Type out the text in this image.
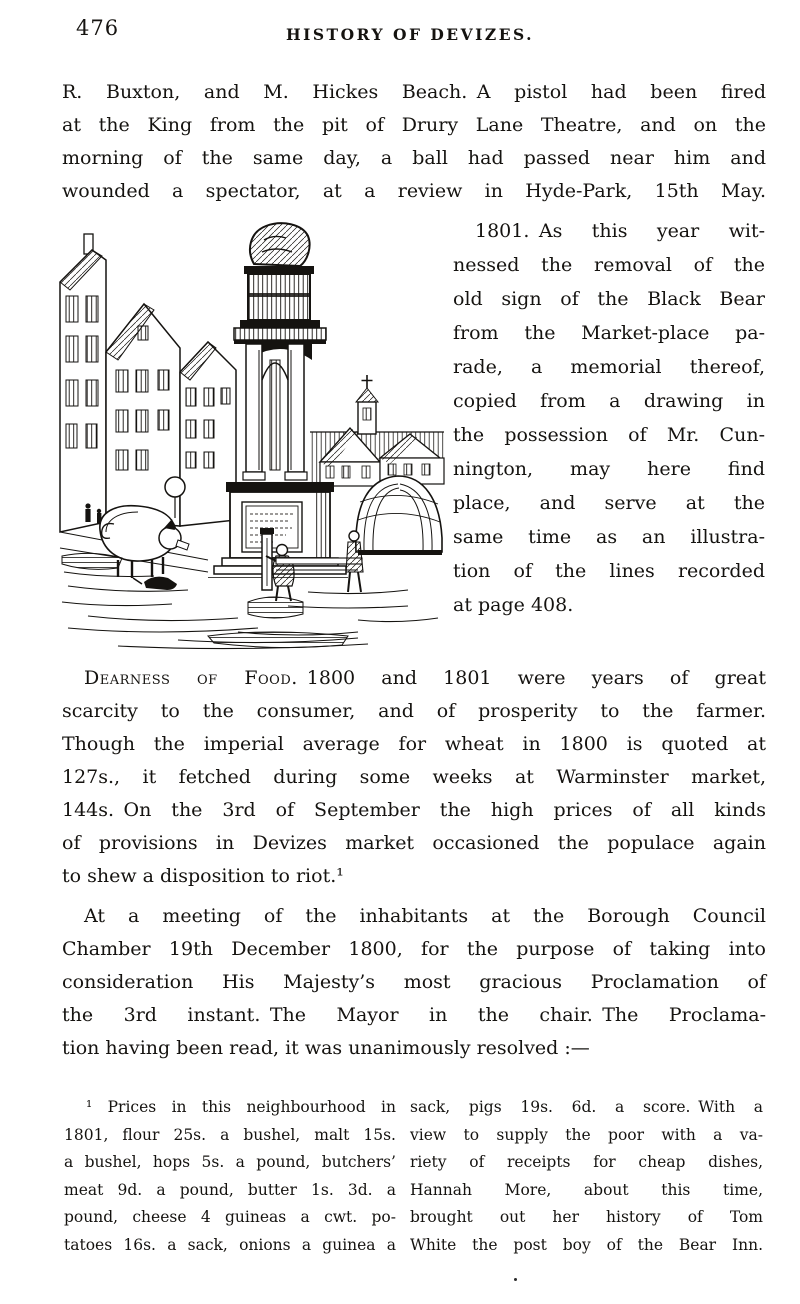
476	HISTORY OF DEVIZES.
R. Buxton, and M. Hickes Beach. A pistol had been fired
at the King from the pit of Drury Lane Theatre, and on the
morning of the same day, a ball had passed near him and
wounded a spectator, at a review in Hyde-Park, 15th May.
1801. As this year wit-
nessed the removal of the
old sign of the Black Bear
from the Market-place pa-
rade, a memorial thereof,
copied from a drawing in
the possession of Mr. Cun-
nington, may here find
place, and serve at the
same time as an illustra-
tion of the lines recorded
at page 408.
Dearness of Food. 1800 and 1801 were years of great
scarcity to the consumer, and of prosperity to the farmer.
Though the imperial average for wheat in 1800 is quoted at
127s., it fetched during some weeks at Warminster market,
144s. On the 3rd of September the high prices of all kinds
of provisions in Devizes market occasioned the populace again
to shew a disposition to riot.¹
At a meeting of the inhabitants at the Borough Council
Chamber 19th December 1800, for the purpose of taking into
consideration His Majesty’s most gracious Proclamation of
the 3rd instant. The Mayor in the chair. The Proclama-
tion having been read, it was unanimously resolved :—
¹ Prices in this neighbourhood in
1801, flour 25s. a bushel, malt 15s.
a bushel, hops 5s. a pound, butchers’
meat 9d. a pound, butter 1s. 3d. a
pound, cheese 4 guineas a cwt. po-
tatoes 16s. a sack, onions a guinea a
sack, pigs 19s. 6d. a score. With a
view to supply the poor with a va-
riety of receipts for cheap dishes,
Hannah More, about this time,
brought out her history of Tom
White the post boy of the Bear Inn.
